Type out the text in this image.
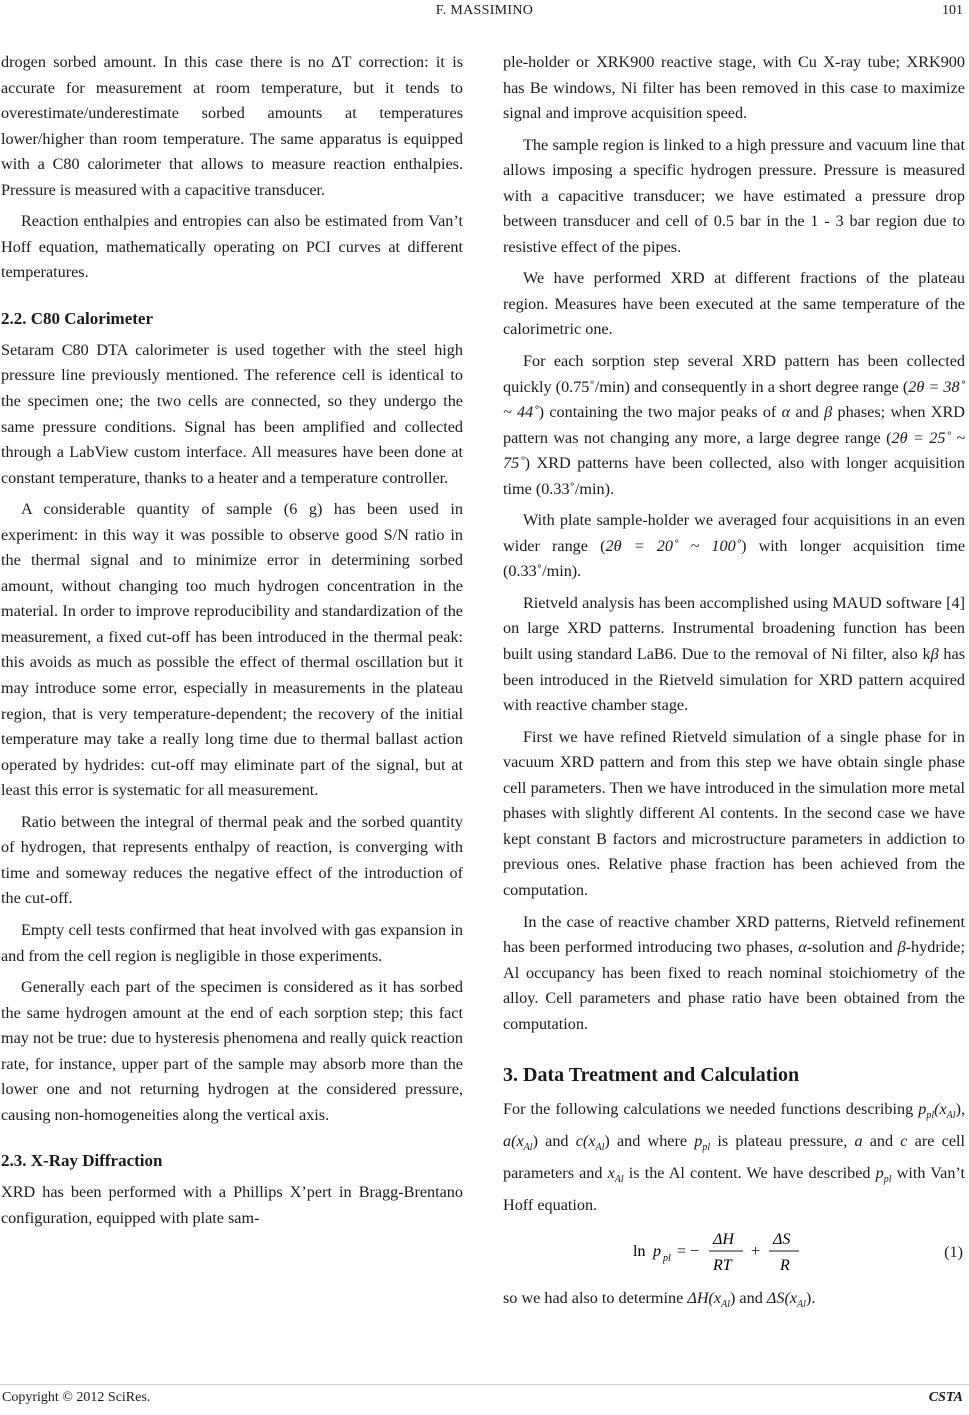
F. MASSIMINO	101

drogen sorbed amount. In this case there is no ΔT correction: it is accurate for measurement at room temperature, but it tends to overestimate/underestimate sorbed amounts at temperatures lower/higher than room temperature. The same apparatus is equipped with a C80 calorimeter that allows to measure reaction enthalpies. Pressure is measured with a capacitive transducer.

Reaction enthalpies and entropies can also be estimated from Van’t Hoff equation, mathematically operating on PCI curves at different temperatures.

2.2. C80 Calorimeter

Setaram C80 DTA calorimeter is used together with the steel high pressure line previously mentioned. The reference cell is identical to the specimen one; the two cells are connected, so they undergo the same pressure conditions. Signal has been amplified and collected through a LabView custom interface. All measures have been done at constant temperature, thanks to a heater and a temperature controller.

A considerable quantity of sample (6 g) has been used in experiment: in this way it was possible to observe good S/N ratio in the thermal signal and to minimize error in determining sorbed amount, without changing too much hydrogen concentration in the material. In order to improve reproducibility and standardization of the measurement, a fixed cut-off has been introduced in the thermal peak: this avoids as much as possible the effect of thermal oscillation but it may introduce some error, especially in measurements in the plateau region, that is very temperature-dependent; the recovery of the initial temperature may take a really long time due to thermal ballast action operated by hydrides: cut-off may eliminate part of the signal, but at least this error is systematic for all measurement.

Ratio between the integral of thermal peak and the sorbed quantity of hydrogen, that represents enthalpy of reaction, is converging with time and someway reduces the negative effect of the introduction of the cut-off.

Empty cell tests confirmed that heat involved with gas expansion in and from the cell region is negligible in those experiments.

Generally each part of the specimen is considered as it has sorbed the same hydrogen amount at the end of each sorption step; this fact may not be true: due to hysteresis phenomena and really quick reaction rate, for instance, upper part of the sample may absorb more than the lower one and not returning hydrogen at the considered pressure, causing non-homogeneities along the vertical axis.

2.3. X-Ray Diffraction

XRD has been performed with a Phillips X’pert in Bragg-Brentano configuration, equipped with plate sam-

ple-holder or XRK900 reactive stage, with Cu X-ray tube; XRK900 has Be windows, Ni filter has been removed in this case to maximize signal and improve acquisition speed.

The sample region is linked to a high pressure and vacuum line that allows imposing a specific hydrogen pressure. Pressure is measured with a capacitive transducer; we have estimated a pressure drop between transducer and cell of 0.5 bar in the 1 - 3 bar region due to resistive effect of the pipes.

We have performed XRD at different fractions of the plateau region. Measures have been executed at the same temperature of the calorimetric one.

For each sorption step several XRD pattern has been collected quickly (0.75˚/min) and consequently in a short degree range (2θ = 38˚ ~ 44˚) containing the two major peaks of α and β phases; when XRD pattern was not changing any more, a large degree range (2θ = 25˚ ~ 75˚) XRD patterns have been collected, also with longer acquisition time (0.33˚/min).

With plate sample-holder we averaged four acquisitions in an even wider range (2θ = 20˚ ~ 100˚) with longer acquisition time (0.33˚/min).

Rietveld analysis has been accomplished using MAUD software [4] on large XRD patterns. Instrumental broadening function has been built using standard LaB6. Due to the removal of Ni filter, also kβ has been introduced in the Rietveld simulation for XRD pattern acquired with reactive chamber stage.

First we have refined Rietveld simulation of a single phase for in vacuum XRD pattern and from this step we have obtain single phase cell parameters. Then we have introduced in the simulation more metal phases with slightly different Al contents. In the second case we have kept constant B factors and microstructure parameters in addiction to previous ones. Relative phase fraction has been achieved from the computation.

In the case of reactive chamber XRD patterns, Rietveld refinement has been performed introducing two phases, α-solution and β-hydride; Al occupancy has been fixed to reach nominal stoichiometry of the alloy. Cell parameters and phase ratio have been obtained from the computation.

3. Data Treatment and Calculation

For the following calculations we needed functions describing $p_{pl}(x_{Al})$, $a(x_{Al})$ and $c(x_{Al})$ and where $p_{pl}$ is plateau pressure, a and c are cell parameters and $x_{Al}$ is the Al content. We have described $p_{pl}$ with Van’t Hoff equation.

ln p pl = −
ΔH
RT
+
ΔS
R
(1)

so we had also to determine $\Delta H(x_{Al})$ and $\Delta S(x_{Al})$.

Copyright © 2012 SciRes.	CSTA
